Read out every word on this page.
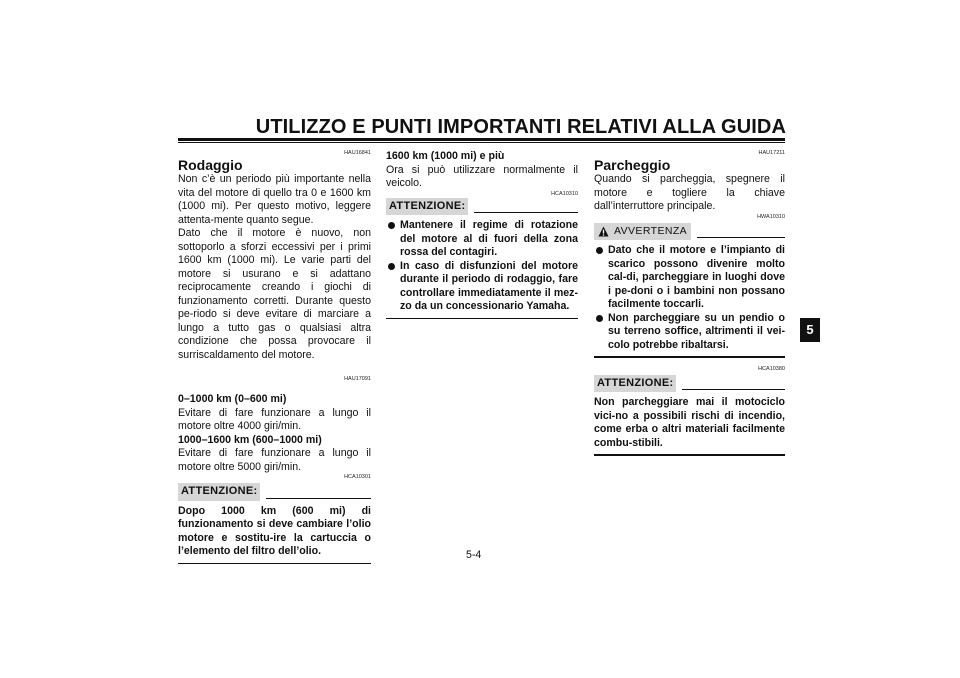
UTILIZZO E PUNTI IMPORTANTI RELATIVI ALLA GUIDA
5
HAU16841
Rodaggio

Non c’è un periodo più importante nella vita del motore di quello tra 0 e 1600 km (1000 mi). Per questo motivo, leggere attenta-mente quanto segue.

Dato che il motore è nuovo, non sottoporlo a sforzi eccessivi per i primi 1600 km (1000 mi). Le varie parti del motore si usurano e si adattano reciprocamente creando i giochi di funzionamento corretti. Durante questo pe-riodo si deve evitare di marciare a lungo a tutto gas o qualsiasi altra condizione che possa provocare il surriscaldamento del motore.

HAU17091

0–1000 km (0–600 mi)

Evitare di fare funzionare a lungo il motore oltre 4000 giri/min.

1000–1600 km (600–1000 mi)

Evitare di fare funzionare a lungo il motore oltre 5000 giri/min.

HCA10301
ATTENZIONE:

Dopo 1000 km (600 mi) di funzionamento si deve cambiare l’olio motore e sostitu-ire la cartuccia o l’elemento del filtro dell’olio.

1600 km (1000 mi) e più

Ora si può utilizzare normalmente il veicolo.

HCA10310
ATTENZIONE:
Mantenere il regime di rotazione del motore al di fuori della zona rossa del contagiri.
In caso di disfunzioni del motore durante il periodo di rodaggio, fare controllare immediatamente il mez-zo da un concessionario Yamaha.
HAU17211
Parcheggio

Quando si parcheggia, spegnere il motore e togliere la chiave dall’interruttore principale.

HWA10310
AVVERTENZA
Dato che il motore e l’impianto di scarico possono divenire molto cal-di, parcheggiare in luoghi dove i pe-doni o i bambini non possano facilmente toccarli.
Non parcheggiare su un pendio o su terreno soffice, altrimenti il vei-colo potrebbe ribaltarsi.
HCA10380
ATTENZIONE:

Non parcheggiare mai il motociclo vici-no a possibili rischi di incendio, come erba o altri materiali facilmente combu-stibili.

5-4
